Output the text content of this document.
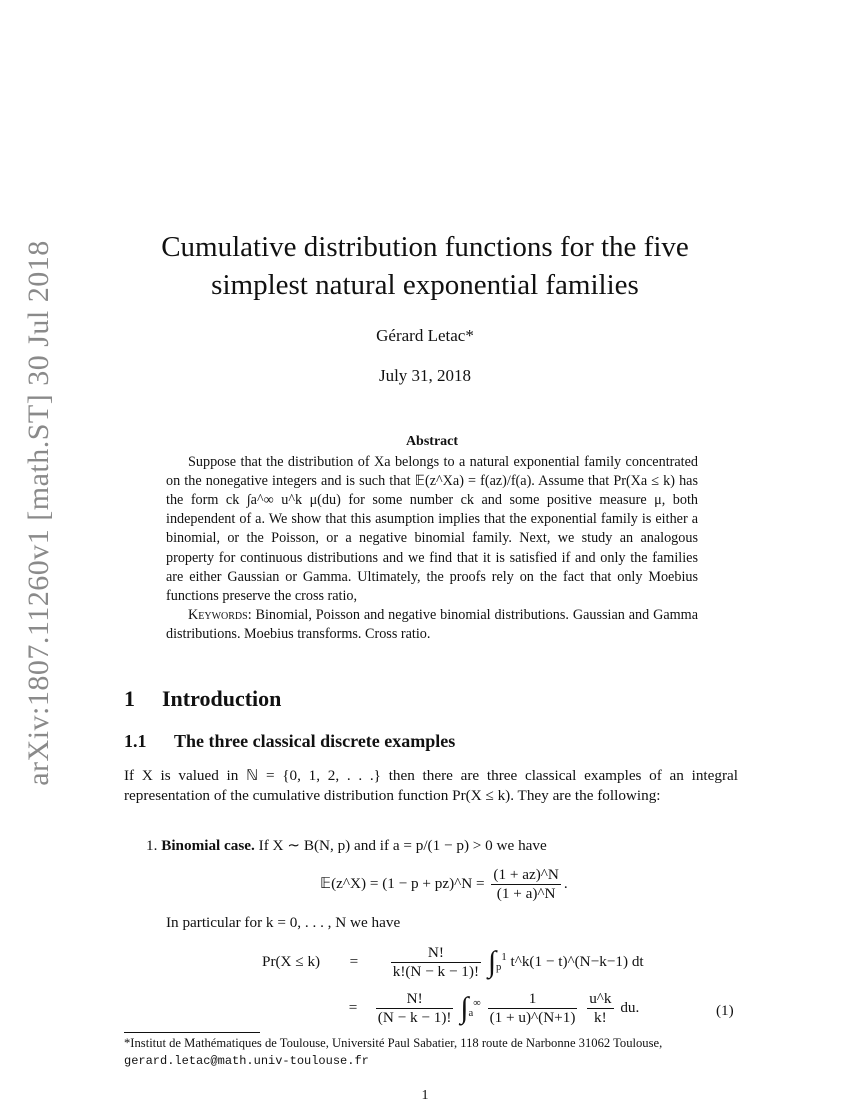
arXiv:1807.11260v1 [math.ST] 30 Jul 2018	Cumulative distribution functions for the five
simplest natural exponential families
Gérard Letac*
July 31, 2018
Abstract

Suppose that the distribution of Xa belongs to a natural exponential family concentrated on the nonegative integers and is such that 𝔼(z^Xa) = f(az)/f(a). Assume that Pr(Xa ≤ k) has the form ck ∫a^∞ u^k μ(du) for some number ck and some positive measure μ, both independent of a. We show that this asumption implies that the exponential family is either a binomial, or the Poisson, or a negative binomial family. Next, we study an analogous property for continuous distributions and we find that it is satisfied if and only the families are either Gaussian or Gamma. Ultimately, the proofs rely on the fact that only Moebius functions preserve the cross ratio,

Keywords: Binomial, Poisson and negative binomial distributions. Gaussian and Gamma distributions. Moebius transforms. Cross ratio.

1 Introduction
1.1 The three classical discrete examples

If X is valued in ℕ = {0, 1, 2, . . .} then there are three classical examples of an integral representation of the cumulative distribution function Pr(X ≤ k). They are the following:

1. Binomial case. If X ∼ B(N, p) and if a = p/(1 − p) > 0 we have
𝔼(z^X) = (1 − p + pz)^N = $\frac{(1 + az)\^{}N}{(1 + a)\^{}N}$ .
In particular for k = 0, . . . , N we have
$Pr(X \le k) = \frac{N!}{k!(N - k - 1)!} \int_p^1$ t^k(1 − t)^(N−k−1) dt
= $\frac{N!}{(N - k - 1)!} \int_a^\infty \frac{1}{(1 + u)\^{}(N+1)}$
$\frac{u\^{}k}{k!}$ du.	(1)
*Institut de Mathématiques de Toulouse, Université Paul Sabatier, 118 route de Narbonne 31062 Toulouse, gerard.letac@math.univ-toulouse.fr
1
